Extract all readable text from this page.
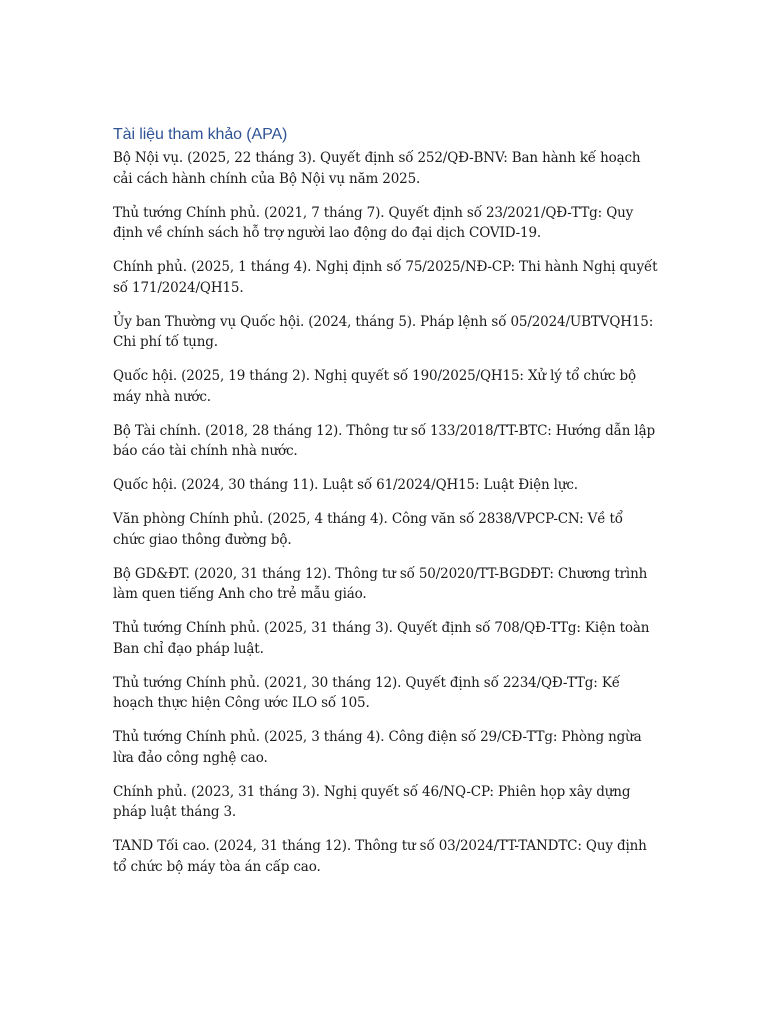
Tài liệu tham khảo (APA)
Bộ Nội vụ. (2025, 22 tháng 3). Quyết định số 252/QĐ-BNV: Ban hành kế hoạch cải cách hành chính của Bộ Nội vụ năm 2025.
Thủ tướng Chính phủ. (2021, 7 tháng 7). Quyết định số 23/2021/QĐ-TTg: Quy định về chính sách hỗ trợ người lao động do đại dịch COVID-19.
Chính phủ. (2025, 1 tháng 4). Nghị định số 75/2025/NĐ-CP: Thi hành Nghị quyết số 171/2024/QH15.
Ủy ban Thường vụ Quốc hội. (2024, tháng 5). Pháp lệnh số 05/2024/UBTVQH15: Chi phí tố tụng.
Quốc hội. (2025, 19 tháng 2). Nghị quyết số 190/2025/QH15: Xử lý tổ chức bộ máy nhà nước.
Bộ Tài chính. (2018, 28 tháng 12). Thông tư số 133/2018/TT-BTC: Hướng dẫn lập báo cáo tài chính nhà nước.
Quốc hội. (2024, 30 tháng 11). Luật số 61/2024/QH15: Luật Điện lực.
Văn phòng Chính phủ. (2025, 4 tháng 4). Công văn số 2838/VPCP-CN: Về tổ chức giao thông đường bộ.
Bộ GD&ĐT. (2020, 31 tháng 12). Thông tư số 50/2020/TT-BGDĐT: Chương trình làm quen tiếng Anh cho trẻ mẫu giáo.
Thủ tướng Chính phủ. (2025, 31 tháng 3). Quyết định số 708/QĐ-TTg: Kiện toàn Ban chỉ đạo pháp luật.
Thủ tướng Chính phủ. (2021, 30 tháng 12). Quyết định số 2234/QĐ-TTg: Kế hoạch thực hiện Công ước ILO số 105.
Thủ tướng Chính phủ. (2025, 3 tháng 4). Công điện số 29/CĐ-TTg: Phòng ngừa lừa đảo công nghệ cao.
Chính phủ. (2023, 31 tháng 3). Nghị quyết số 46/NQ-CP: Phiên họp xây dựng pháp luật tháng 3.
TAND Tối cao. (2024, 31 tháng 12). Thông tư số 03/2024/TT-TANDTC: Quy định tổ chức bộ máy tòa án cấp cao.
